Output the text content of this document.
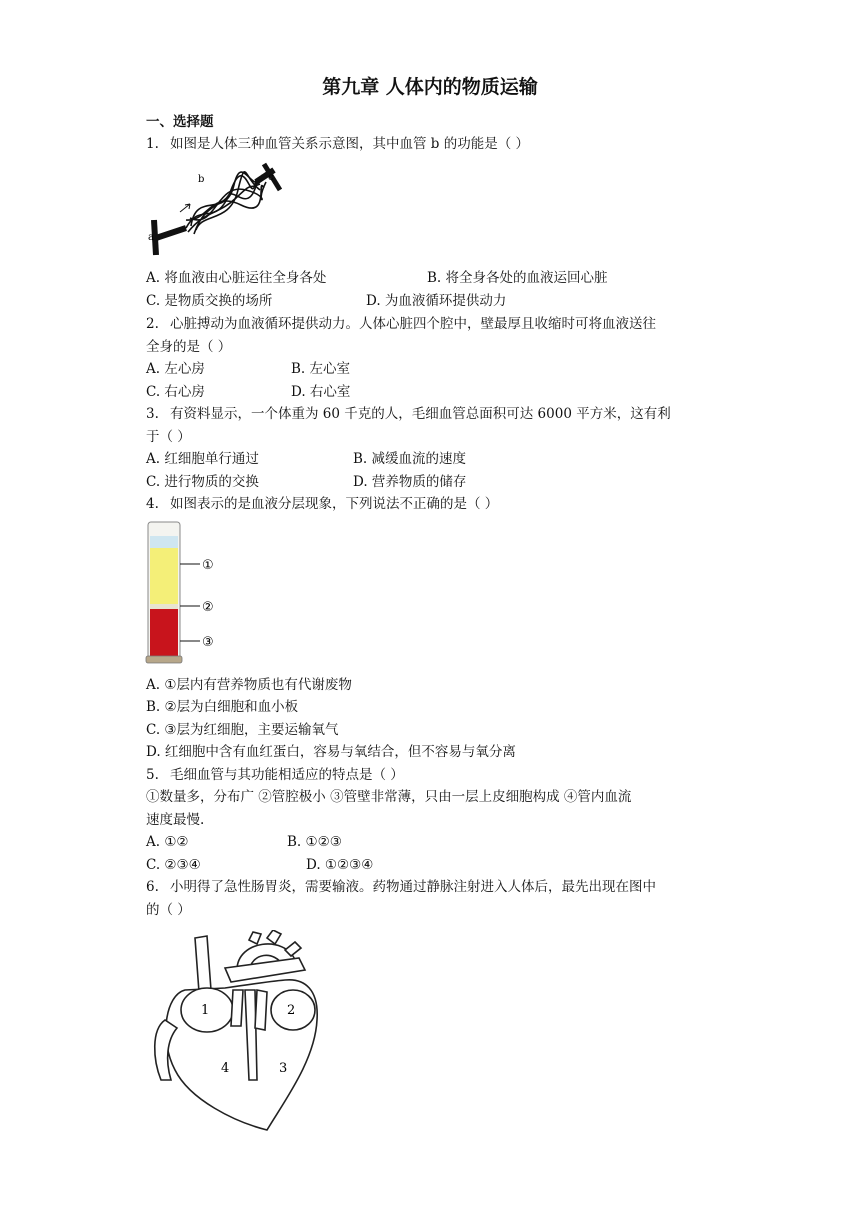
第九章 人体内的物质运输
一、选择题
1. 如图是人体三种血管关系示意图，其中血管 b 的功能是（ ）
a
b	c
A. 将血液由心脏运往全身各处	B. 将全身各处的血液运回心脏
C. 是物质交换的场所	D. 为血液循环提供动力
2. 心脏搏动为血液循环提供动力。人体心脏四个腔中，壁最厚且收缩时可将血液送往
全身的是（ ）
A. 左心房	B. 左心室
C. 右心房	D. 右心室
3. 有资料显示，一个体重为 60 千克的人，毛细血管总面积可达 6000 平方米，这有利
于（ ）
A. 红细胞单行通过	B. 减缓血流的速度
C. 进行物质的交换	D. 营养物质的储存
4. 如图表示的是血液分层现象，下列说法不正确的是（ ）
①
②
③
A. ①层内有营养物质也有代谢废物
B. ②层为白细胞和血小板
C. ③层为红细胞，主要运输氧气
D. 红细胞中含有血红蛋白，容易与氧结合，但不容易与氧分离
5. 毛细血管与其功能相适应的特点是（ ）
①数量多，分布广 ②管腔极小 ③管壁非常薄，只由一层上皮细胞构成 ④管内血流
速度最慢.
A. ①②	B. ①②③
C. ②③④	D. ①②③④
6. 小明得了急性肠胃炎，需要输液。药物通过静脉注射进入人体后，最先出现在图中
的（ ）
1	2
3
4
